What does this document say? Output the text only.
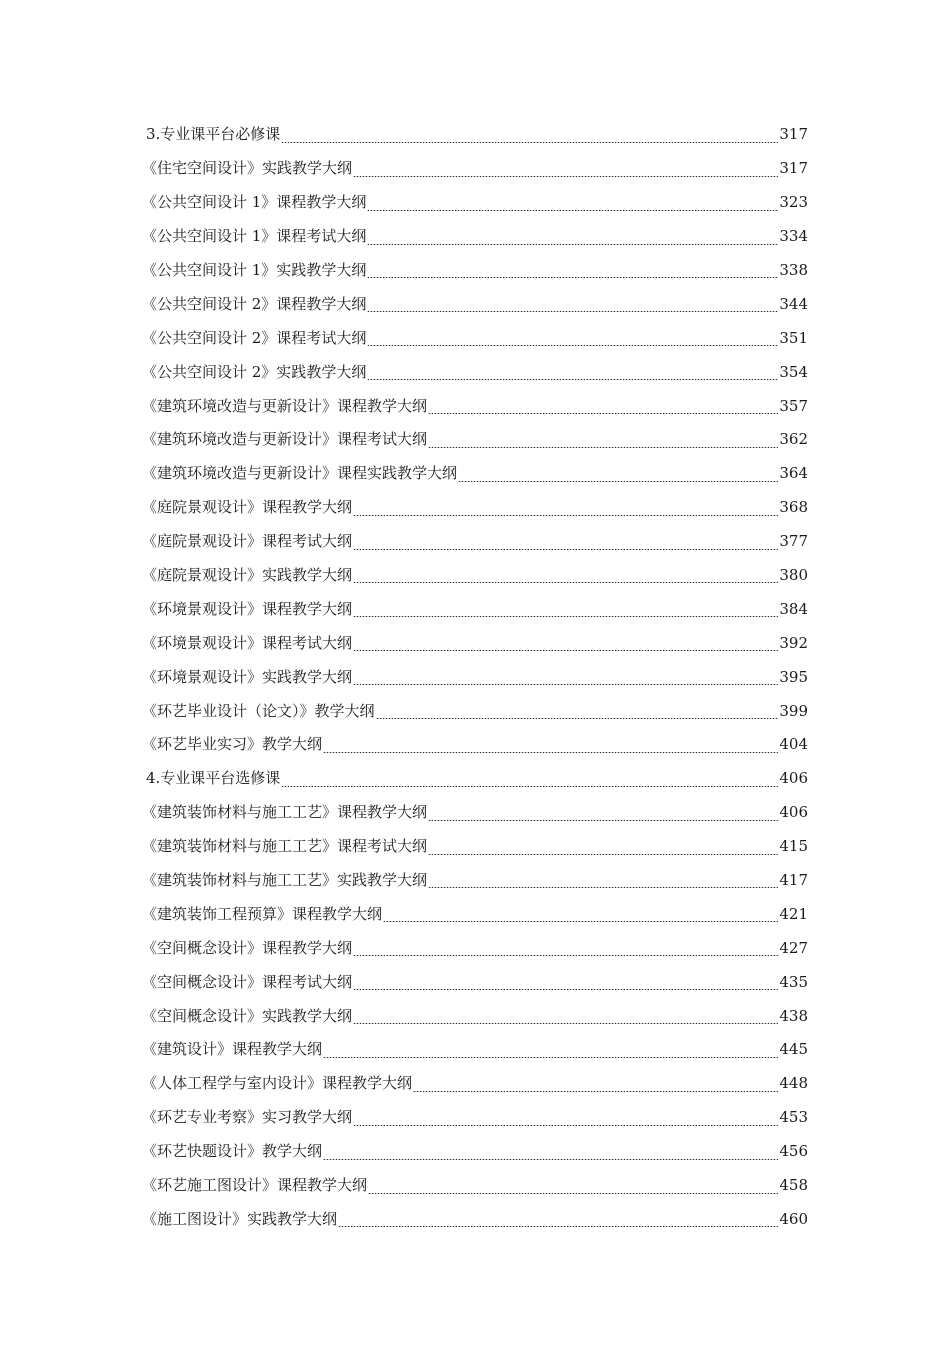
3.专业课平台必修课	317
《住宅空间设计》实践教学大纲	317
《公共空间设计 1》课程教学大纲	323
《公共空间设计 1》课程考试大纲	334
《公共空间设计 1》实践教学大纲	338
《公共空间设计 2》课程教学大纲	344
《公共空间设计 2》课程考试大纲	351
《公共空间设计 2》实践教学大纲	354
《建筑环境改造与更新设计》课程教学大纲	357
《建筑环境改造与更新设计》课程考试大纲	362
《建筑环境改造与更新设计》课程实践教学大纲	364
《庭院景观设计》课程教学大纲	368
《庭院景观设计》课程考试大纲	377
《庭院景观设计》实践教学大纲	380
《环境景观设计》课程教学大纲	384
《环境景观设计》课程考试大纲	392
《环境景观设计》实践教学大纲	395
《环艺毕业设计（论文）》教学大纲	399
《环艺毕业实习》教学大纲	404
4.专业课平台选修课	406
《建筑装饰材料与施工工艺》课程教学大纲	406
《建筑装饰材料与施工工艺》课程考试大纲	415
《建筑装饰材料与施工工艺》实践教学大纲	417
《建筑装饰工程预算》课程教学大纲	421
《空间概念设计》课程教学大纲	427
《空间概念设计》课程考试大纲	435
《空间概念设计》实践教学大纲	438
《建筑设计》课程教学大纲	445
《人体工程学与室内设计》课程教学大纲	448
《环艺专业考察》实习教学大纲	453
《环艺快题设计》教学大纲	456
《环艺施工图设计》课程教学大纲	458
《施工图设计》实践教学大纲	460
